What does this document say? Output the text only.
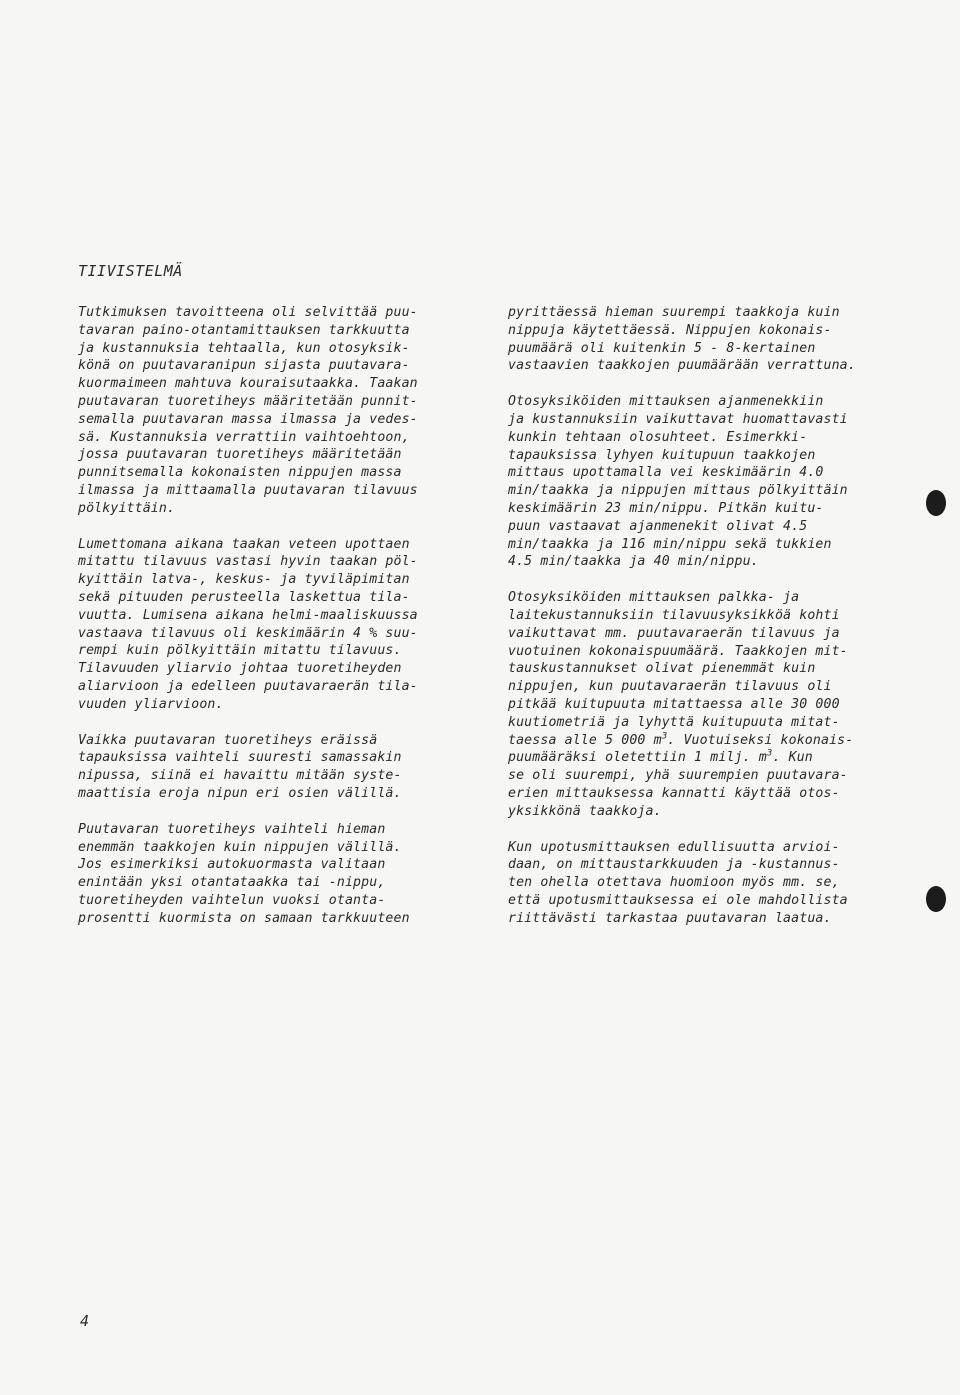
TIIVISTELMÄ

Tutkimuksen tavoitteena oli selvittää puu-
tavaran paino-otantamittauksen tarkkuutta
ja kustannuksia tehtaalla, kun otosyksik-
könä on puutavaranipun sijasta puutavara-
kuormaimeen mahtuva kouraisutaakka. Taakan
puutavaran tuoretiheys määritetään punnit-
semalla puutavaran massa ilmassa ja vedes-
sä. Kustannuksia verrattiin vaihtoehtoon,
jossa puutavaran tuoretiheys määritetään
punnitsemalla kokonaisten nippujen massa
ilmassa ja mittaamalla puutavaran tilavuus
pölkyittäin.

Lumettomana aikana taakan veteen upottaen
mitattu tilavuus vastasi hyvin taakan pöl-
kyittäin latva-, keskus- ja tyviläpimitan
sekä pituuden perusteella laskettua tila-
vuutta. Lumisena aikana helmi-maaliskuussa
vastaava tilavuus oli keskimäärin 4 % suu-
rempi kuin pölkyittäin mitattu tilavuus.
Tilavuuden yliarvio johtaa tuoretiheyden
aliarvioon ja edelleen puutavaraerän tila-
vuuden yliarvioon.

Vaikka puutavaran tuoretiheys eräissä
tapauksissa vaihteli suuresti samassakin
nipussa, siinä ei havaittu mitään syste-
maattisia eroja nipun eri osien välillä.

Puutavaran tuoretiheys vaihteli hieman
enemmän taakkojen kuin nippujen välillä.
Jos esimerkiksi autokuormasta valitaan
enintään yksi otantataakka tai -nippu,
tuoretiheyden vaihtelun vuoksi otanta-
prosentti kuormista on samaan tarkkuuteen

pyrittäessä hieman suurempi taakkoja kuin
nippuja käytettäessä. Nippujen kokonais-
puumäärä oli kuitenkin 5 - 8-kertainen
vastaavien taakkojen puumäärään verrattuna.

Otosyksiköiden mittauksen ajanmenekkiin
ja kustannuksiin vaikuttavat huomattavasti
kunkin tehtaan olosuhteet. Esimerkki-
tapauksissa lyhyen kuitupuun taakkojen
mittaus upottamalla vei keskimäärin 4.0
min/taakka ja nippujen mittaus pölkyittäin
keskimäärin 23 min/nippu. Pitkän kuitu-
puun vastaavat ajanmenekit olivat 4.5
min/taakka ja 116 min/nippu sekä tukkien
4.5 min/taakka ja 40 min/nippu.

Otosyksiköiden mittauksen palkka- ja
laitekustannuksiin tilavuusyksikköä kohti
vaikuttavat mm. puutavaraerän tilavuus ja
vuotuinen kokonaispuumäärä. Taakkojen mit-
tauskustannukset olivat pienemmät kuin
nippujen, kun puutavaraerän tilavuus oli
pitkää kuitupuuta mitattaessa alle 30 000
kuutiometriä ja lyhyttä kuitupuuta mitat-
taessa alle 5 000 $m^3$. Vuotuiseksi kokonais-
puumääräksi oletettiin 1 milj. $m^3$. Kun
se oli suurempi, yhä suurempien puutavara-
erien mittauksessa kannatti käyttää otos-
yksikkönä taakkoja.

Kun upotusmittauksen edullisuutta arvioi-
daan, on mittaustarkkuuden ja -kustannus-
ten ohella otettava huomioon myös mm. se,
että upotusmittauksessa ei ole mahdollista
riittävästi tarkastaa puutavaran laatua.

4
